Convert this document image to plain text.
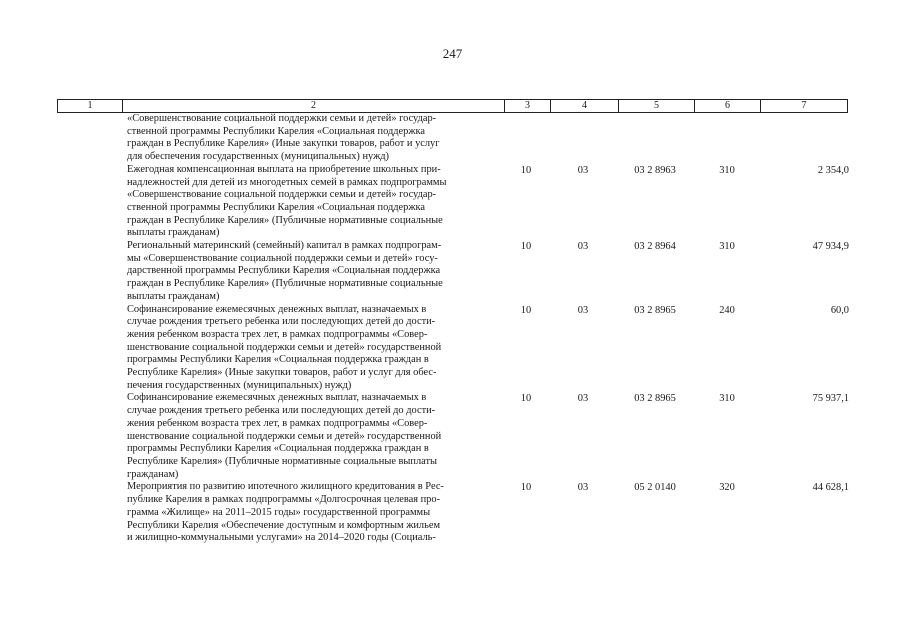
247
1	2	3	4	5	6	7
«Совершенствование социальной поддержки семьи и детей» государ-
ственной программы Республики Карелия «Социальная поддержка
граждан в Республике Карелия» (Иные закупки товаров, работ и услуг
для обеспечения государственных (муниципальных) нужд)
Ежегодная компенсационная выплата на приобретение школьных при-
надлежностей для детей из многодетных семей в рамках подпрограммы
«Совершенствование социальной поддержки семьи и детей» государ-
ственной программы Республики Карелия «Социальная поддержка
граждан в Республике Карелия» (Публичные нормативные социальные
выплаты гражданам)
10	03	03 2 8963	310	2 354,0
Региональный материнский (семейный) капитал в рамках подпрограм-
мы «Совершенствование социальной поддержки семьи и детей» госу-
дарственной программы Республики Карелия «Социальная поддержка
граждан в Республике Карелия» (Публичные нормативные социальные
выплаты гражданам)
10	03	03 2 8964	310	47 934,9
Софинансирование ежемесячных денежных выплат, назначаемых в
случае рождения третьего ребенка или последующих детей до дости-
жения ребенком возраста трех лет, в рамках подпрограммы «Совер-
шенствование социальной поддержки семьи и детей» государственной
программы Республики Карелия «Социальная поддержка граждан в
Республике Карелия» (Иные закупки товаров, работ и услуг для обес-
печения государственных (муниципальных) нужд)
10	03	03 2 8965	240	60,0
Софинансирование ежемесячных денежных выплат, назначаемых в
случае рождения третьего ребенка или последующих детей до дости-
жения ребенком возраста трех лет, в рамках подпрограммы «Совер-
шенствование социальной поддержки семьи и детей» государственной
программы Республики Карелия «Социальная поддержка граждан в
Республике Карелия» (Публичные нормативные социальные выплаты
гражданам)
10	03	03 2 8965	310	75 937,1
Мероприятия по развитию ипотечного жилищного кредитования в Рес-
публике Карелия в рамках подпрограммы «Долгосрочная целевая про-
грамма «Жилище» на 2011–2015 годы» государственной программы
Республики Карелия «Обеспечение доступным и комфортным жильем
и жилищно-коммунальными услугами» на 2014–2020 годы (Социаль-
10	03	05 2 0140	320	44 628,1
